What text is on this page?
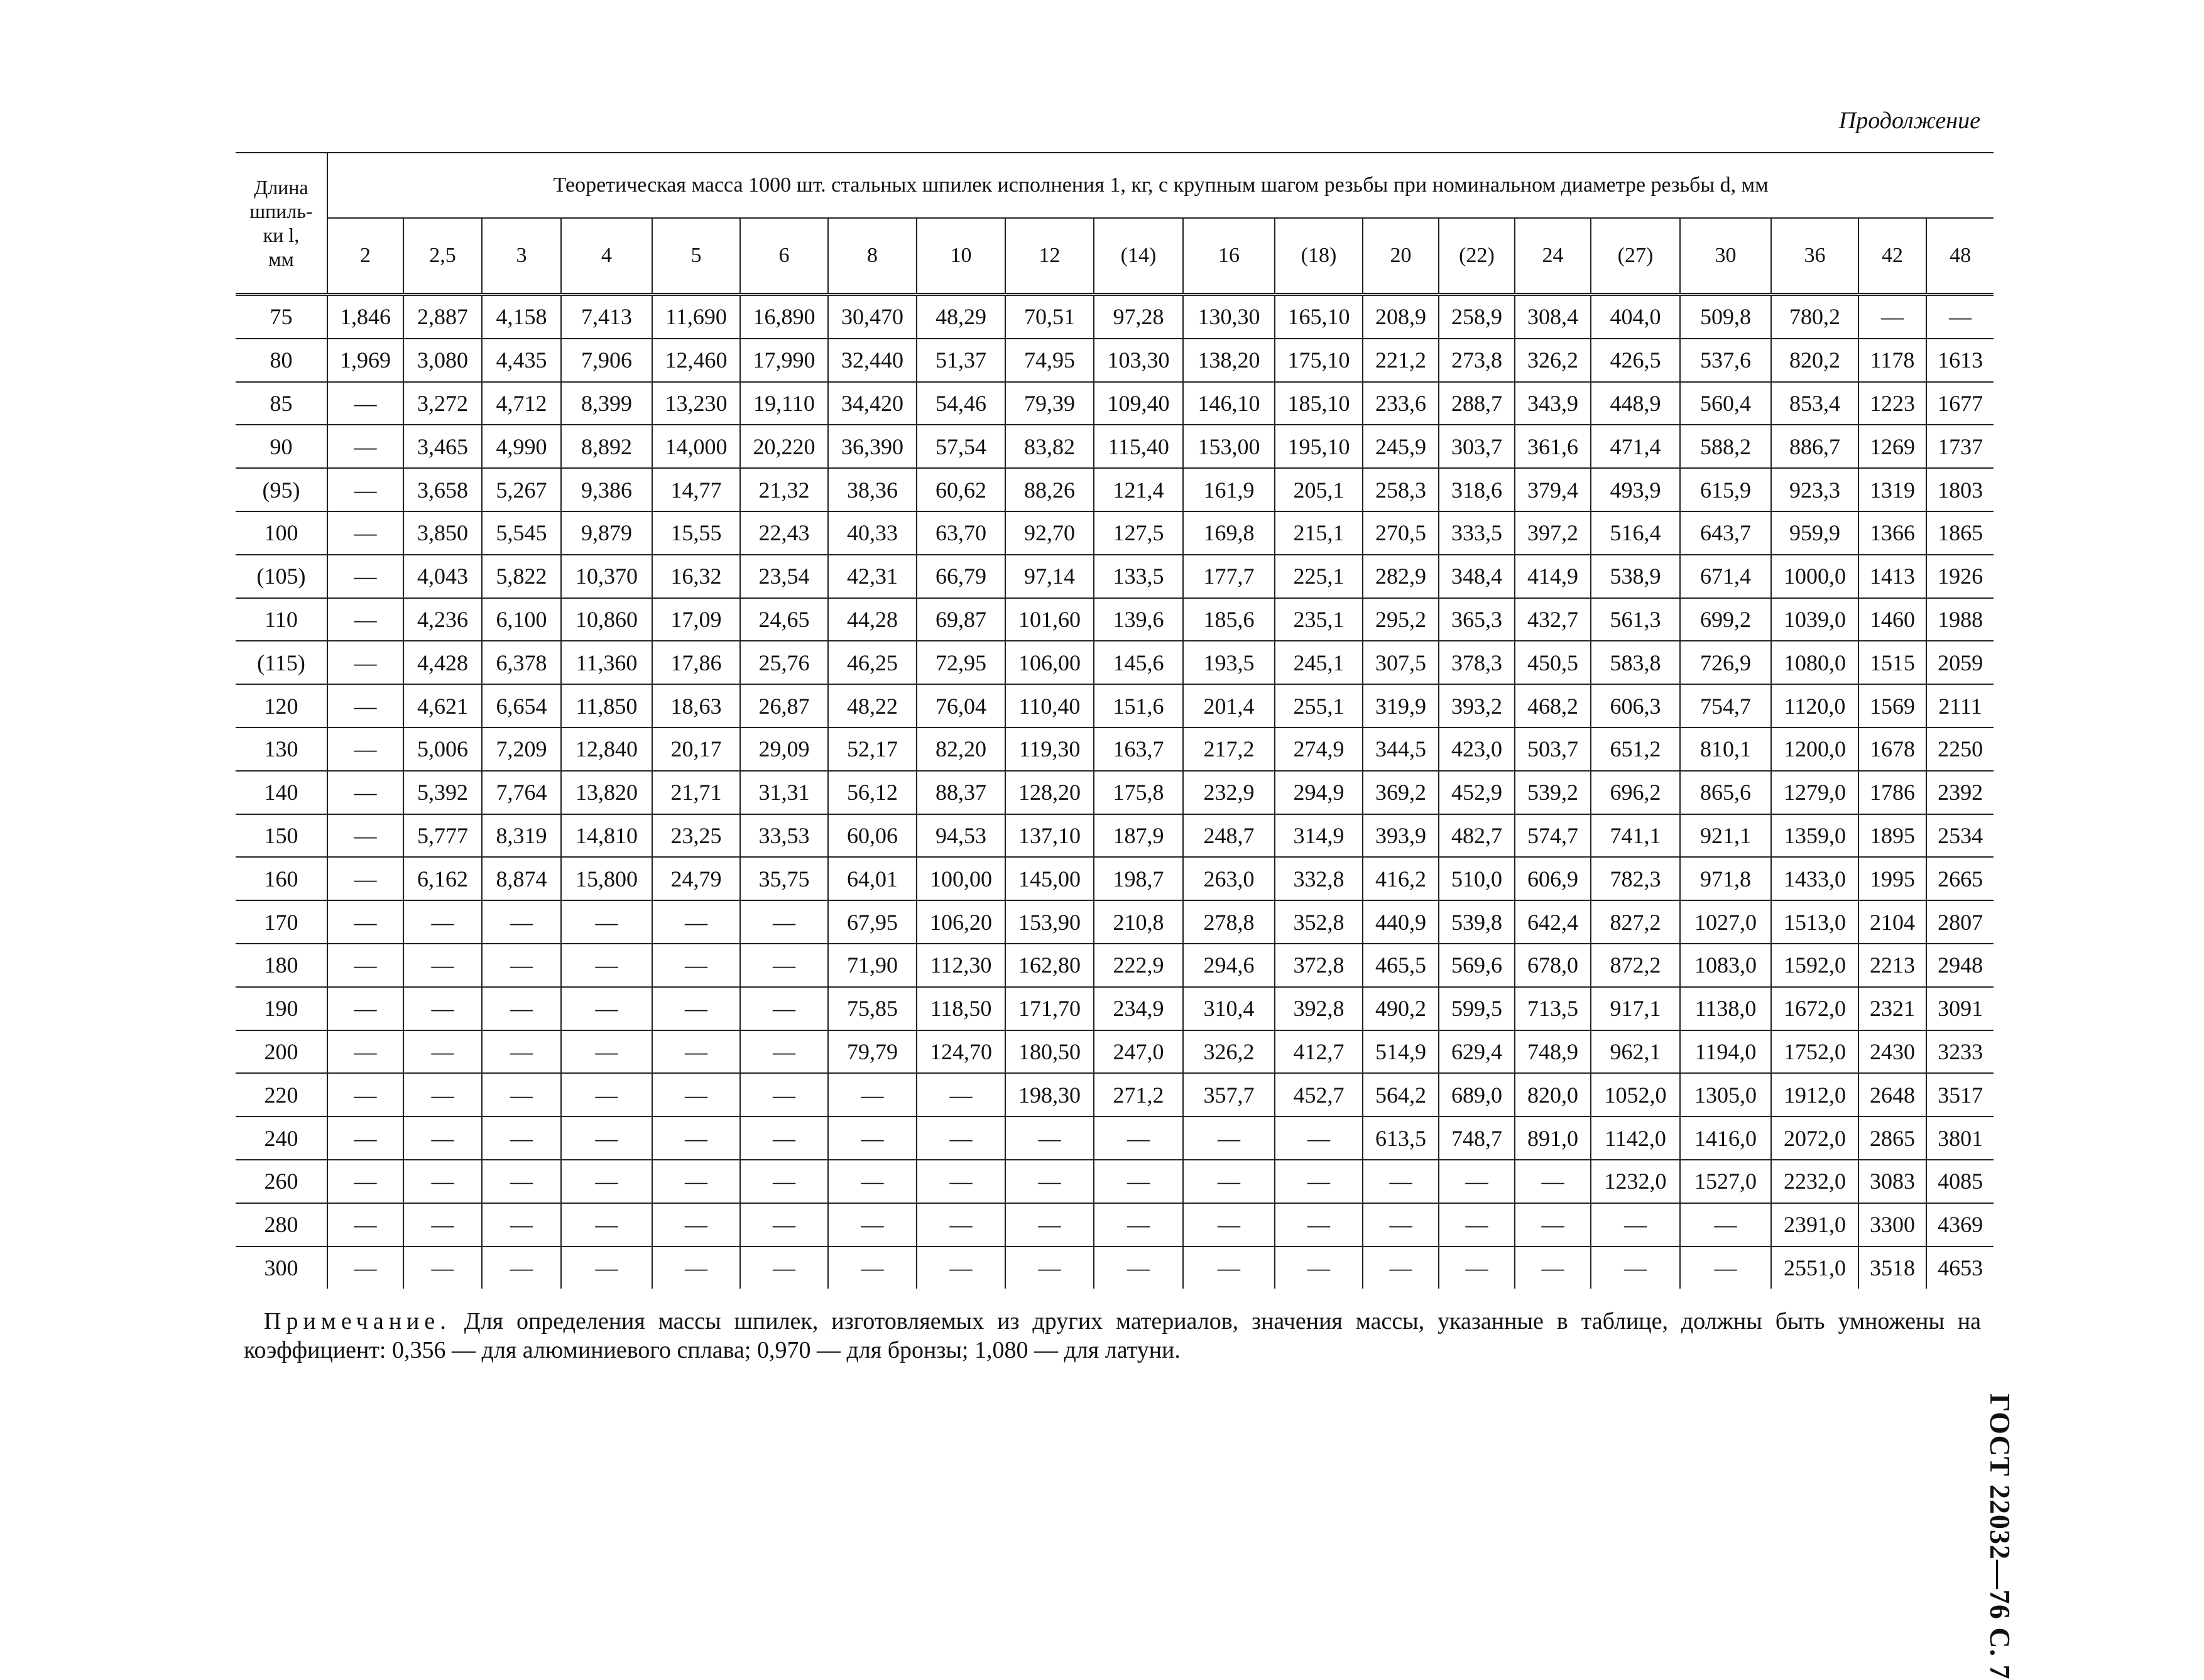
Продолжение
ГОСТ 22032—76 С. 7
Длина
шпиль-
ки l,
мм	Теоретическая масса 1000 шт. стальных шпилек исполнения 1, кг, с крупным шагом резьбы при номинальном диаметре резьбы d, мм																			
	2	2,5	3	4	5	6	8	10	12	(14)	16	(18)	20	(22)	24	(27)	30	36	42	48
75	1,846	2,887	4,158	7,413	11,690	16,890	30,470	48,29	70,51	97,28	130,30	165,10	208,9	258,9	308,4	404,0	509,8	780,2	—	—
80	1,969	3,080	4,435	7,906	12,460	17,990	32,440	51,37	74,95	103,30	138,20	175,10	221,2	273,8	326,2	426,5	537,6	820,2	1178	1613
85	—	3,272	4,712	8,399	13,230	19,110	34,420	54,46	79,39	109,40	146,10	185,10	233,6	288,7	343,9	448,9	560,4	853,4	1223	1677
90	—	3,465	4,990	8,892	14,000	20,220	36,390	57,54	83,82	115,40	153,00	195,10	245,9	303,7	361,6	471,4	588,2	886,7	1269	1737
(95)	—	3,658	5,267	9,386	14,77	21,32	38,36	60,62	88,26	121,4	161,9	205,1	258,3	318,6	379,4	493,9	615,9	923,3	1319	1803
100	—	3,850	5,545	9,879	15,55	22,43	40,33	63,70	92,70	127,5	169,8	215,1	270,5	333,5	397,2	516,4	643,7	959,9	1366	1865
(105)	—	4,043	5,822	10,370	16,32	23,54	42,31	66,79	97,14	133,5	177,7	225,1	282,9	348,4	414,9	538,9	671,4	1000,0	1413	1926
110	—	4,236	6,100	10,860	17,09	24,65	44,28	69,87	101,60	139,6	185,6	235,1	295,2	365,3	432,7	561,3	699,2	1039,0	1460	1988
(115)	—	4,428	6,378	11,360	17,86	25,76	46,25	72,95	106,00	145,6	193,5	245,1	307,5	378,3	450,5	583,8	726,9	1080,0	1515	2059
120	—	4,621	6,654	11,850	18,63	26,87	48,22	76,04	110,40	151,6	201,4	255,1	319,9	393,2	468,2	606,3	754,7	1120,0	1569	2111
130	—	5,006	7,209	12,840	20,17	29,09	52,17	82,20	119,30	163,7	217,2	274,9	344,5	423,0	503,7	651,2	810,1	1200,0	1678	2250
140	—	5,392	7,764	13,820	21,71	31,31	56,12	88,37	128,20	175,8	232,9	294,9	369,2	452,9	539,2	696,2	865,6	1279,0	1786	2392
150	—	5,777	8,319	14,810	23,25	33,53	60,06	94,53	137,10	187,9	248,7	314,9	393,9	482,7	574,7	741,1	921,1	1359,0	1895	2534
160	—	6,162	8,874	15,800	24,79	35,75	64,01	100,00	145,00	198,7	263,0	332,8	416,2	510,0	606,9	782,3	971,8	1433,0	1995	2665
170	—	—	—	—	—	—	67,95	106,20	153,90	210,8	278,8	352,8	440,9	539,8	642,4	827,2	1027,0	1513,0	2104	2807
180	—	—	—	—	—	—	71,90	112,30	162,80	222,9	294,6	372,8	465,5	569,6	678,0	872,2	1083,0	1592,0	2213	2948
190	—	—	—	—	—	—	75,85	118,50	171,70	234,9	310,4	392,8	490,2	599,5	713,5	917,1	1138,0	1672,0	2321	3091
200	—	—	—	—	—	—	79,79	124,70	180,50	247,0	326,2	412,7	514,9	629,4	748,9	962,1	1194,0	1752,0	2430	3233
220	—	—	—	—	—	—	—	—	198,30	271,2	357,7	452,7	564,2	689,0	820,0	1052,0	1305,0	1912,0	2648	3517
240	—	—	—	—	—	—	—	—	—	—	—	—	613,5	748,7	891,0	1142,0	1416,0	2072,0	2865	3801
260	—	—	—	—	—	—	—	—	—	—	—	—	—	—	—	1232,0	1527,0	2232,0	3083	4085
280	—	—	—	—	—	—	—	—	—	—	—	—	—	—	—	—	—	2391,0	3300	4369
300	—	—	—	—	—	—	—	—	—	—	—	—	—	—	—	—	—	2551,0	3518	4653
Примечание. Для определения массы шпилек, изготовляемых из других материалов, значения массы, указанные в таблице, должны быть умножены на коэффициент: 0,356 — для алюминиевого сплава; 0,970 — для бронзы; 1,080 — для латуни.
